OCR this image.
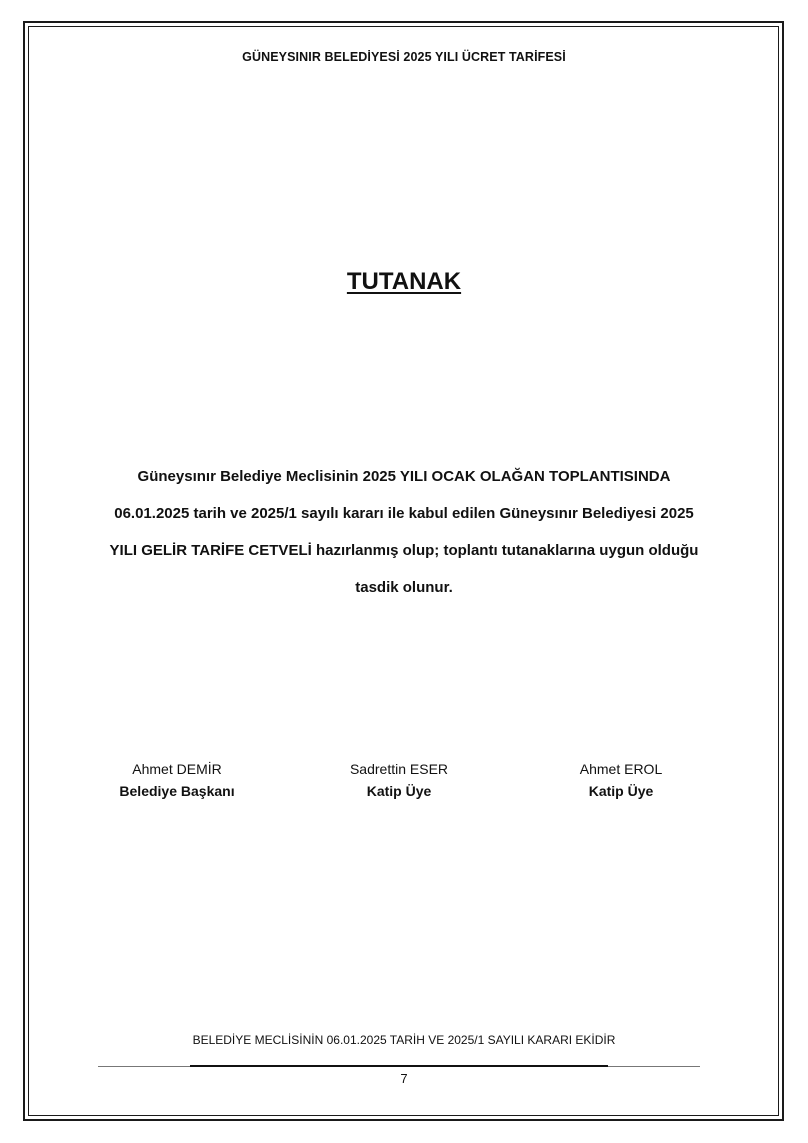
GÜNEYSINIR BELEDİYESİ 2025 YILI ÜCRET TARİFESİ
TUTANAK
Güneysınır Belediye Meclisinin 2025 YILI OCAK OLAĞAN TOPLANTISINDA
06.01.2025 tarih ve 2025/1 sayılı kararı ile kabul edilen Güneysınır Belediyesi 2025
YILI GELİR TARİFE CETVELİ hazırlanmış olup; toplantı tutanaklarına uygun olduğu
tasdik olunur.
Ahmet DEMİR
Belediye Başkanı
Sadrettin ESER
Katip Üye
Ahmet EROL
Katip Üye
BELEDİYE MECLİSİNİN 06.01.2025 TARİH VE 2025/1 SAYILI KARARI EKİDİR
7
